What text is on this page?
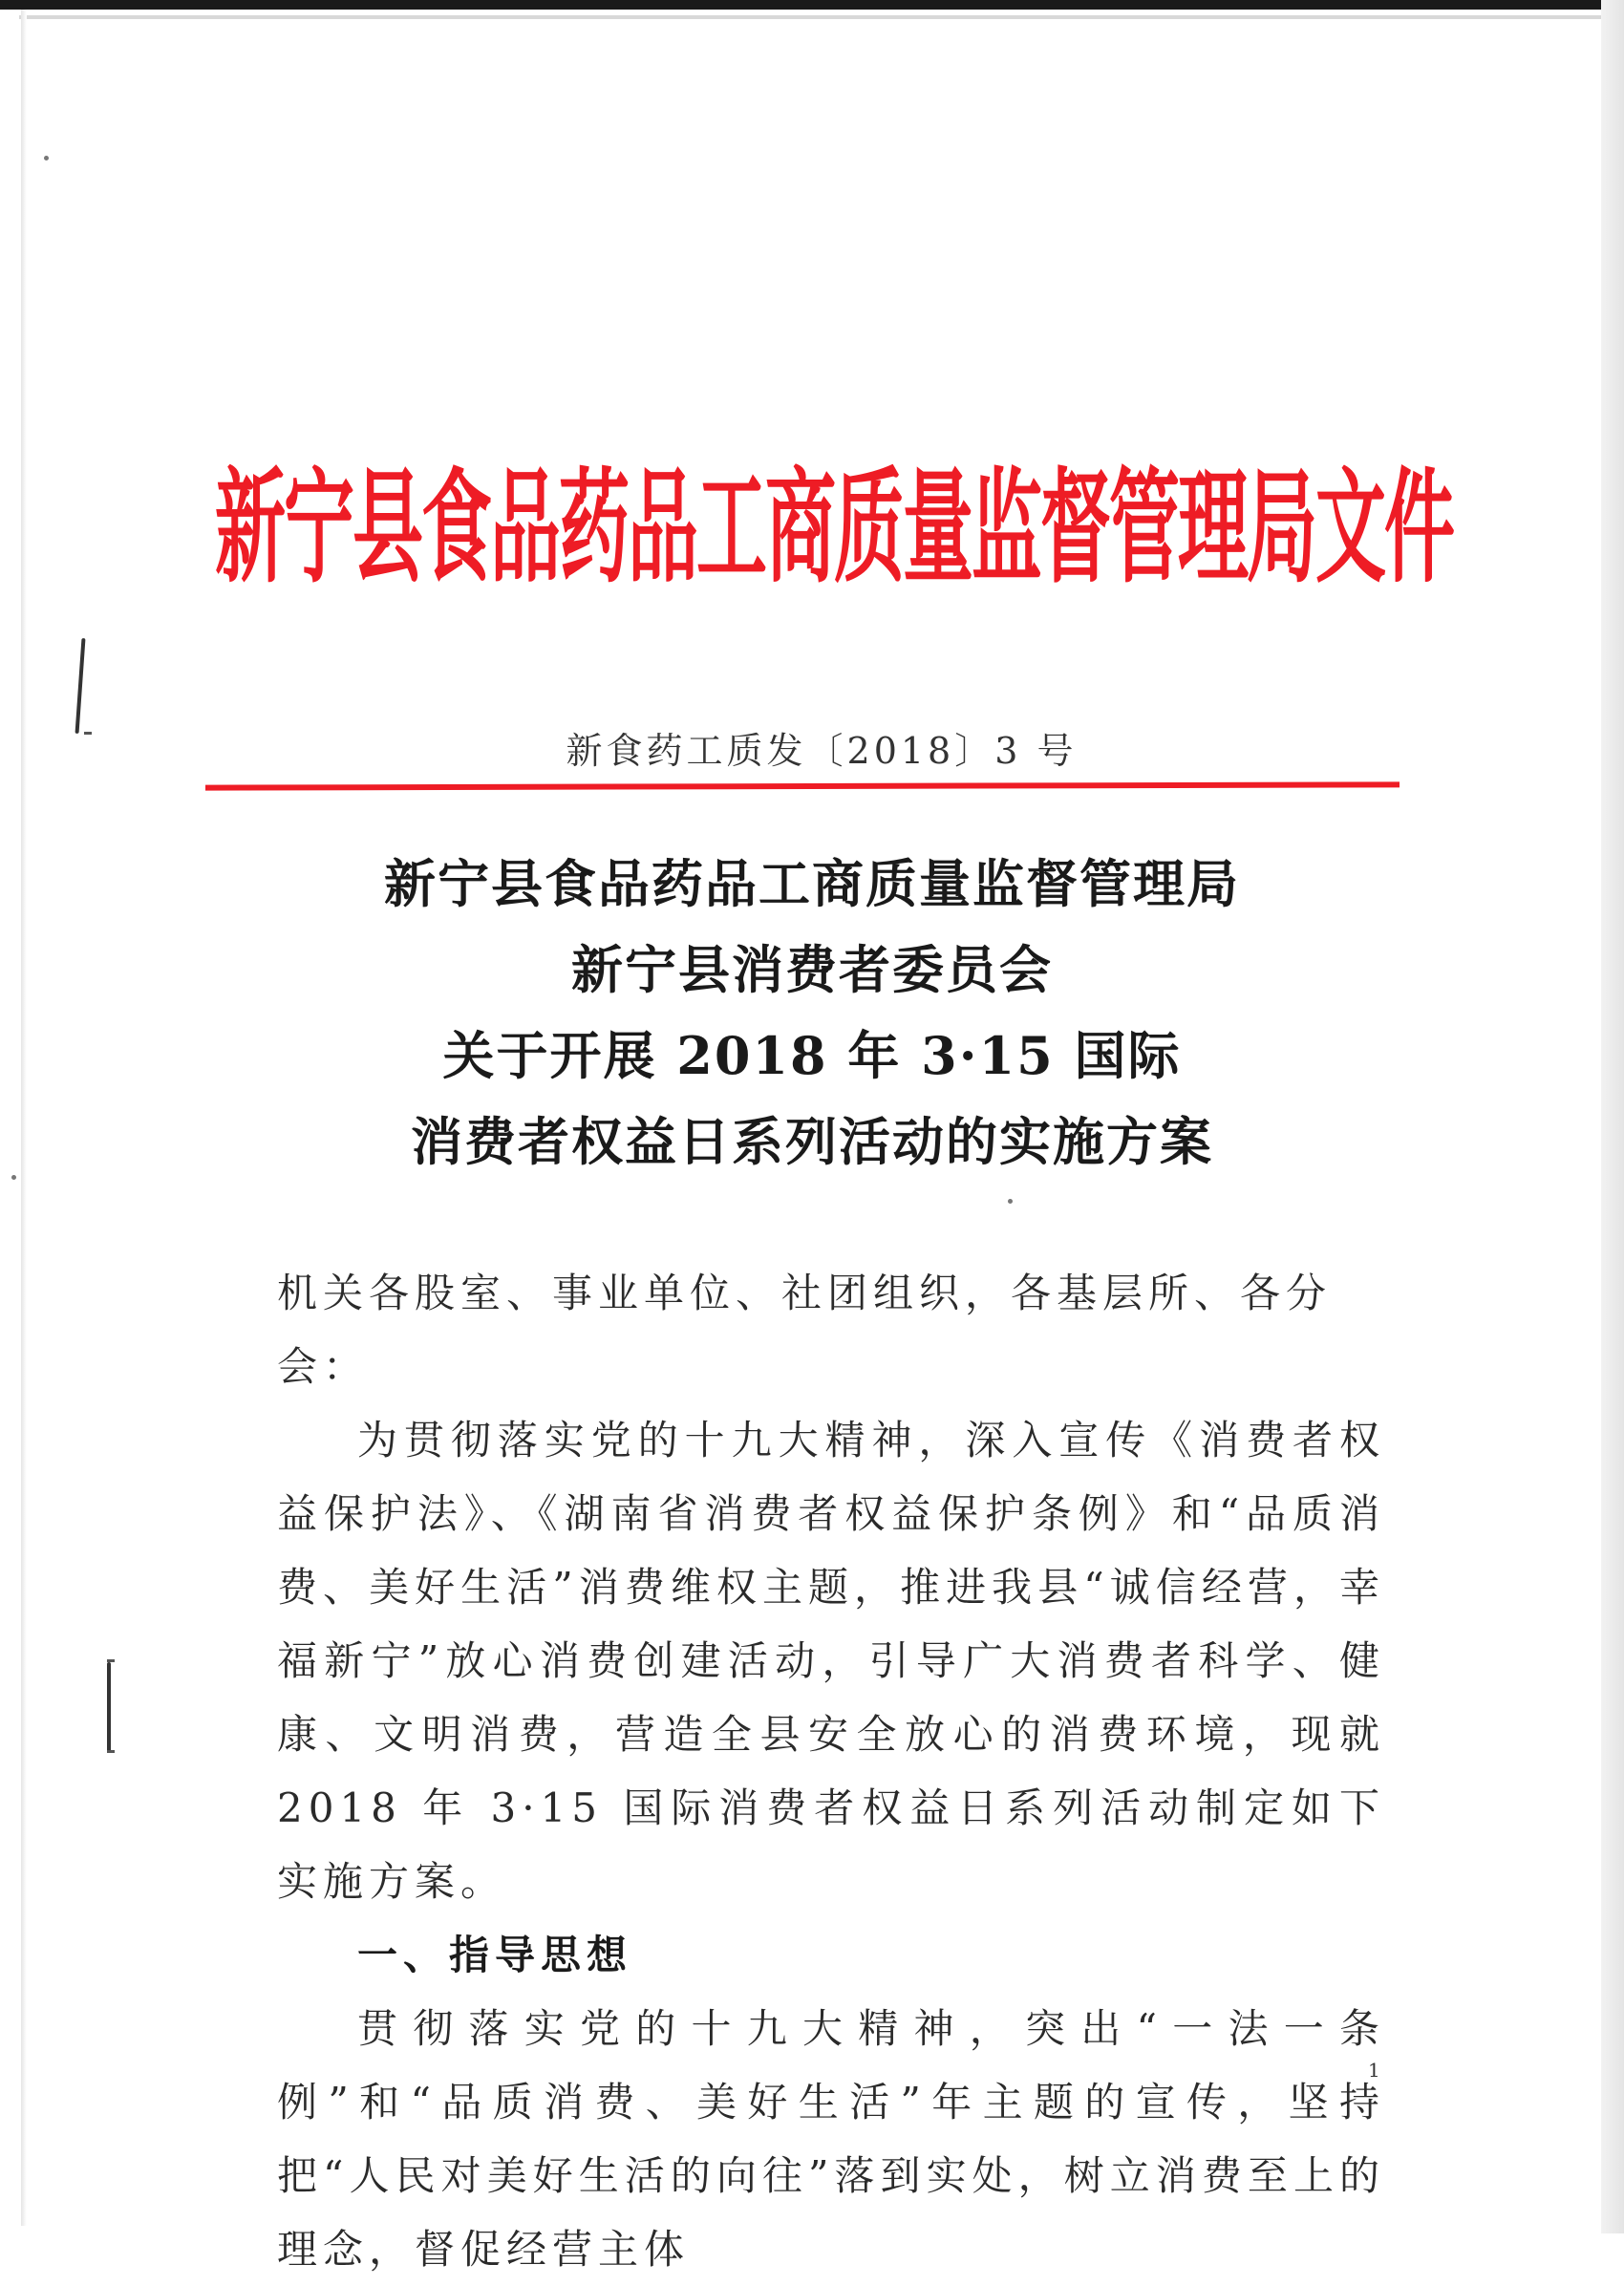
新宁县食品药品工商质量监督管理局文件
新食药工质发〔2018〕3 号
新宁县食品药品工商质量监督管理局
新宁县消费者委员会
关于开展 2018 年 3·15 国际
消费者权益日系列活动的实施方案

机关各股室、事业单位、社团组织，各基层所、各分会：

为贯彻落实党的十九大精神，深入宣传《消费者权益保护法》、《湖南省消费者权益保护条例》和“品质消费、美好生活”消费维权主题，推进我县“诚信经营，幸福新宁”放心消费创建活动，引导广大消费者科学、健康、文明消费，营造全县安全放心的消费环境，现就 2018 年 3·15 国际消费者权益日系列活动制定如下实施方案。

一、指导思想

贯彻落实党的十九大精神，突出“一法一条例”和“品质消费、美好生活”年主题的宣传，坚持把“人民对美好生活的向往”落到实处，树立消费至上的理念，督促经营主体

1
